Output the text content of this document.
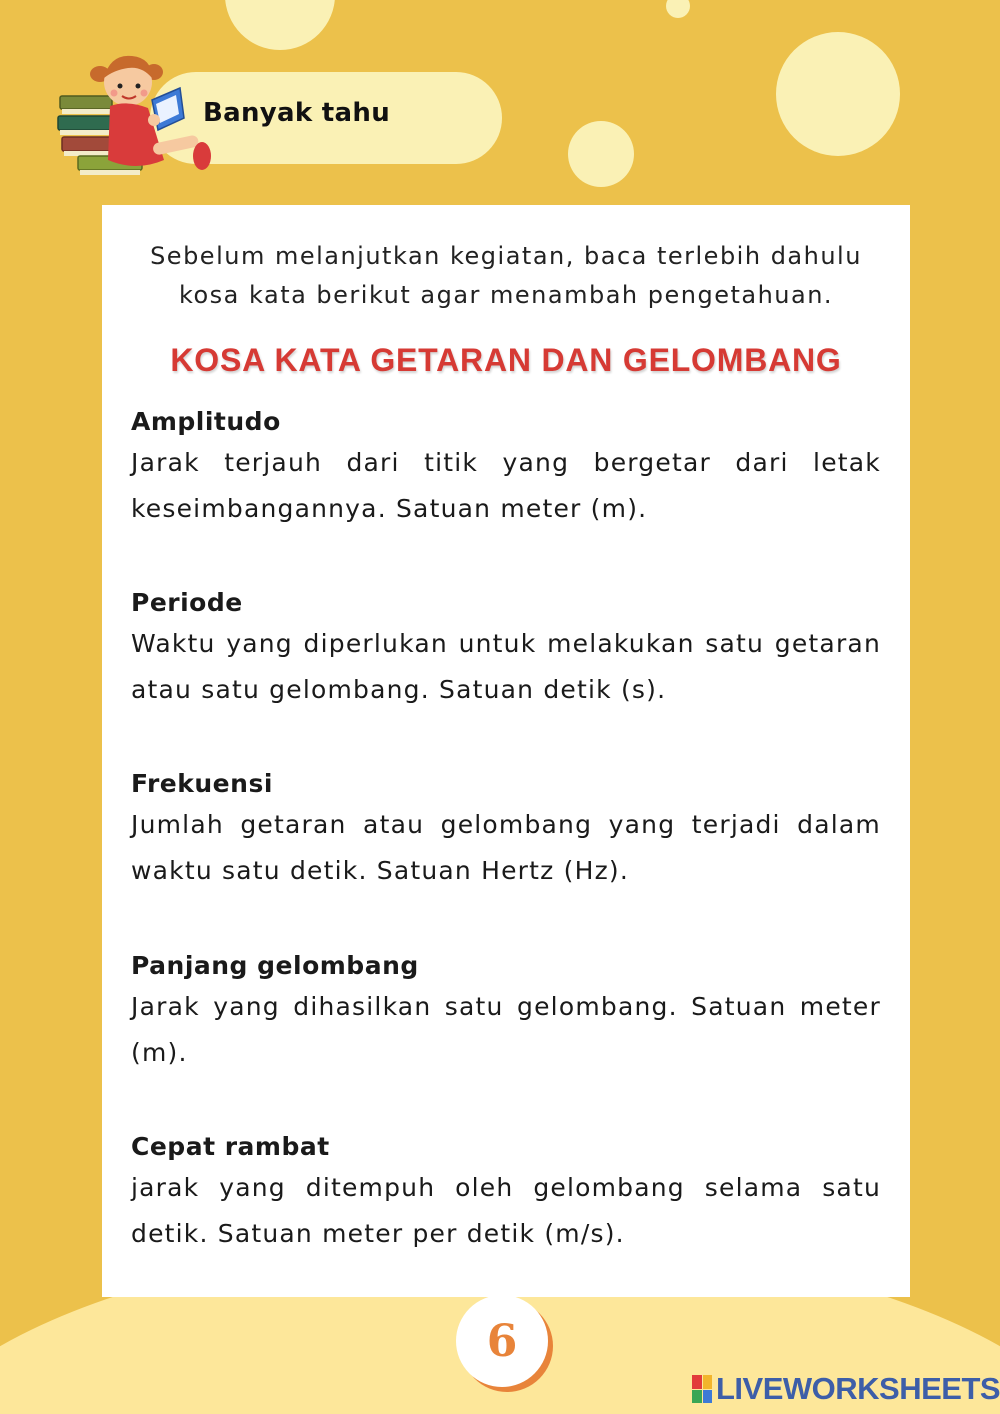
Banyak tahu
Sebelum melanjutkan kegiatan, baca terlebih dahulu kosa kata berikut agar menambah pengetahuan.
KOSA KATA GETARAN DAN GELOMBANG
Amplitudo
Jarak terjauh dari titik yang bergetar dari letak keseimbangannya. Satuan meter (m).
Periode
Waktu yang diperlukan untuk melakukan satu getaran atau satu gelombang. Satuan detik (s).
Frekuensi
Jumlah getaran atau gelombang yang terjadi dalam waktu satu detik. Satuan Hertz (Hz).
Panjang gelombang
Jarak yang dihasilkan satu gelombang. Satuan meter (m).
Cepat rambat
jarak yang ditempuh oleh gelombang selama satu detik. Satuan meter per detik (m/s).
6
LIVEWORKSHEETS
